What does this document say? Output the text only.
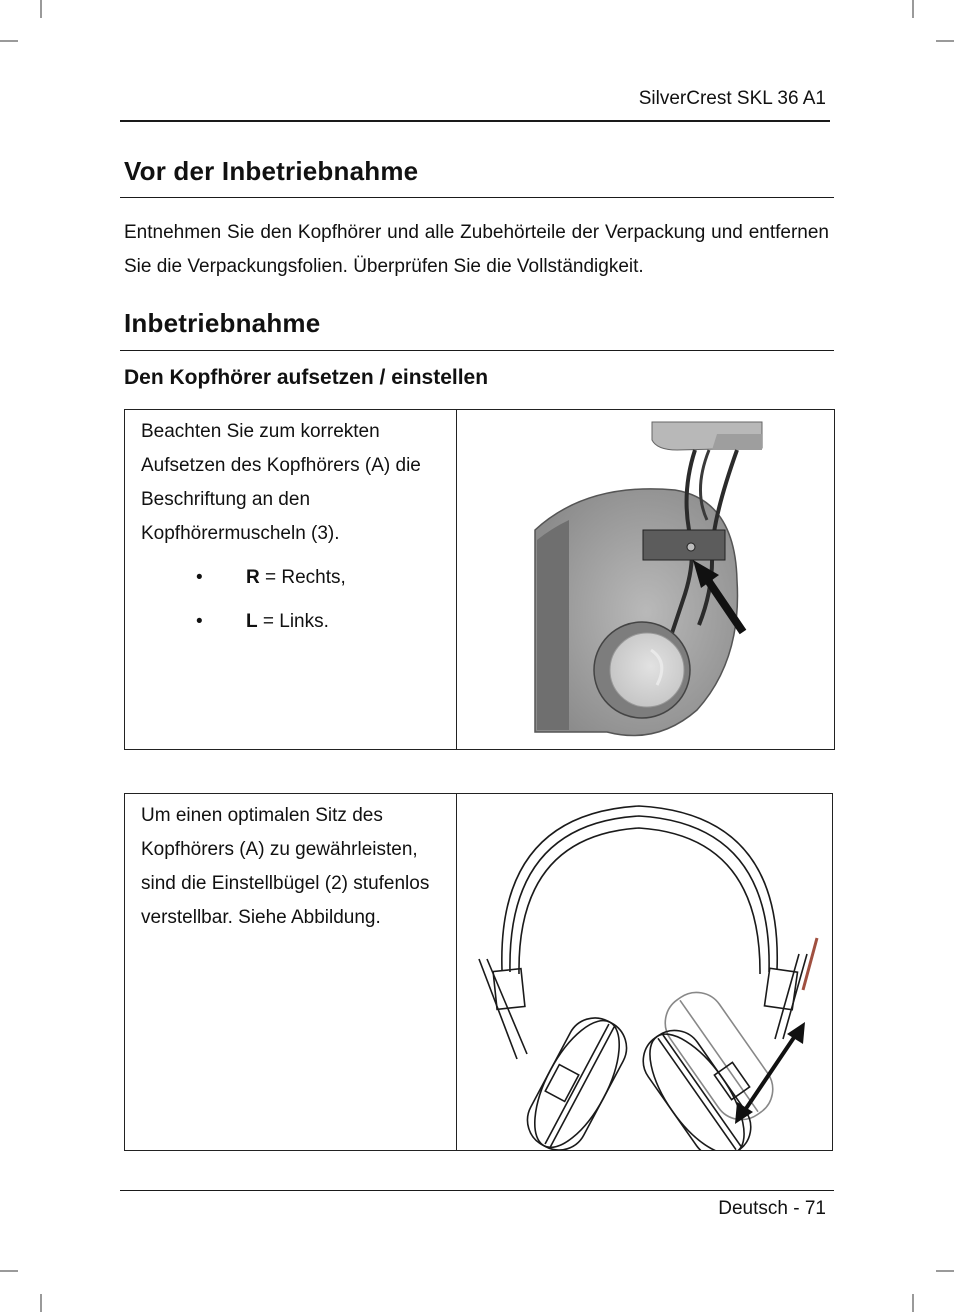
SilverCrest SKL 36 A1
Vor der Inbetriebnahme

Entnehmen Sie den Kopfhörer und alle Zubehörteile der Verpackung und entfernen Sie die Verpackungsfolien. Überprüfen Sie die Vollständigkeit.

Inbetriebnahme
Den Kopfhörer aufsetzen / einstellen

Beachten Sie zum korrekten Aufsetzen des Kopfhörers (A) die Beschriftung an den Kopfhörermuscheln (3).

• R = Rechts,
• L = Links.

Um einen optimalen Sitz des Kopfhörers (A) zu gewährleisten, sind die Einstellbügel (2) stufenlos verstellbar. Siehe Abbildung.

Deutsch - 71
